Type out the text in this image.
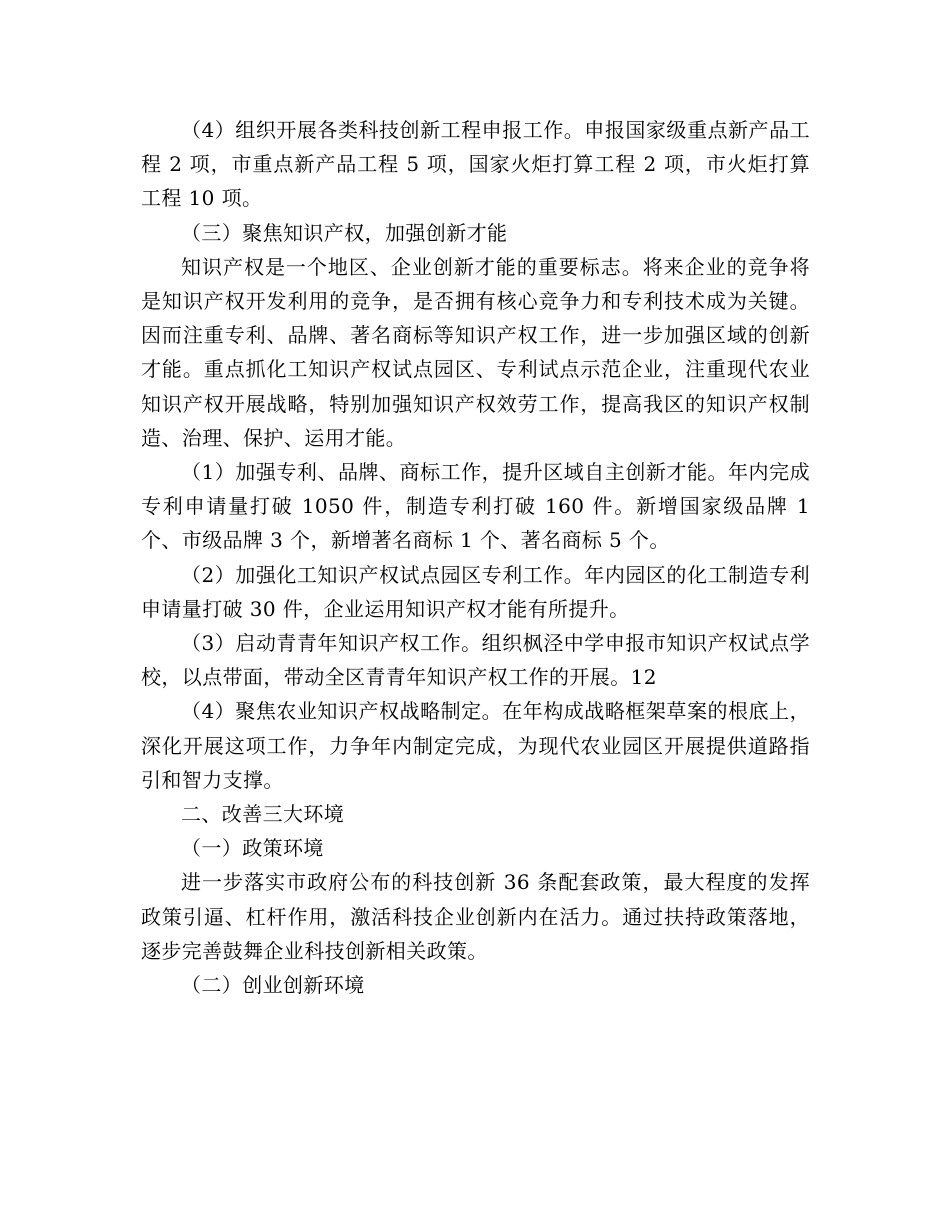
（4）组织开展各类科技创新工程申报工作。申报国家级重点新产品工程 2 项，市重点新产品工程 5 项，国家火炬打算工程 2 项，市火炬打算工程 10 项。

（三）聚焦知识产权，加强创新才能

知识产权是一个地区、企业创新才能的重要标志。将来企业的竞争将是知识产权开发利用的竞争，是否拥有核心竞争力和专利技术成为关键。因而注重专利、品牌、著名商标等知识产权工作，进一步加强区域的创新才能。重点抓化工知识产权试点园区、专利试点示范企业，注重现代农业知识产权开展战略，特别加强知识产权效劳工作，提高我区的知识产权制造、治理、保护、运用才能。

（1）加强专利、品牌、商标工作，提升区域自主创新才能。年内完成专利申请量打破 1050 件，制造专利打破 160 件。新增国家级品牌 1 个、市级品牌 3 个，新增著名商标 1 个、著名商标 5 个。

（2）加强化工知识产权试点园区专利工作。年内园区的化工制造专利申请量打破 30 件，企业运用知识产权才能有所提升。

（3）启动青青年知识产权工作。组织枫泾中学申报市知识产权试点学校，以点带面，带动全区青青年知识产权工作的开展。12

（4）聚焦农业知识产权战略制定。在年构成战略框架草案的根底上，深化开展这项工作，力争年内制定完成，为现代农业园区开展提供道路指引和智力支撑。

二、改善三大环境

（一）政策环境

进一步落实市政府公布的科技创新 36 条配套政策，最大程度的发挥政策引逼、杠杆作用，激活科技企业创新内在活力。通过扶持政策落地，逐步完善鼓舞企业科技创新相关政策。

（二）创业创新环境
